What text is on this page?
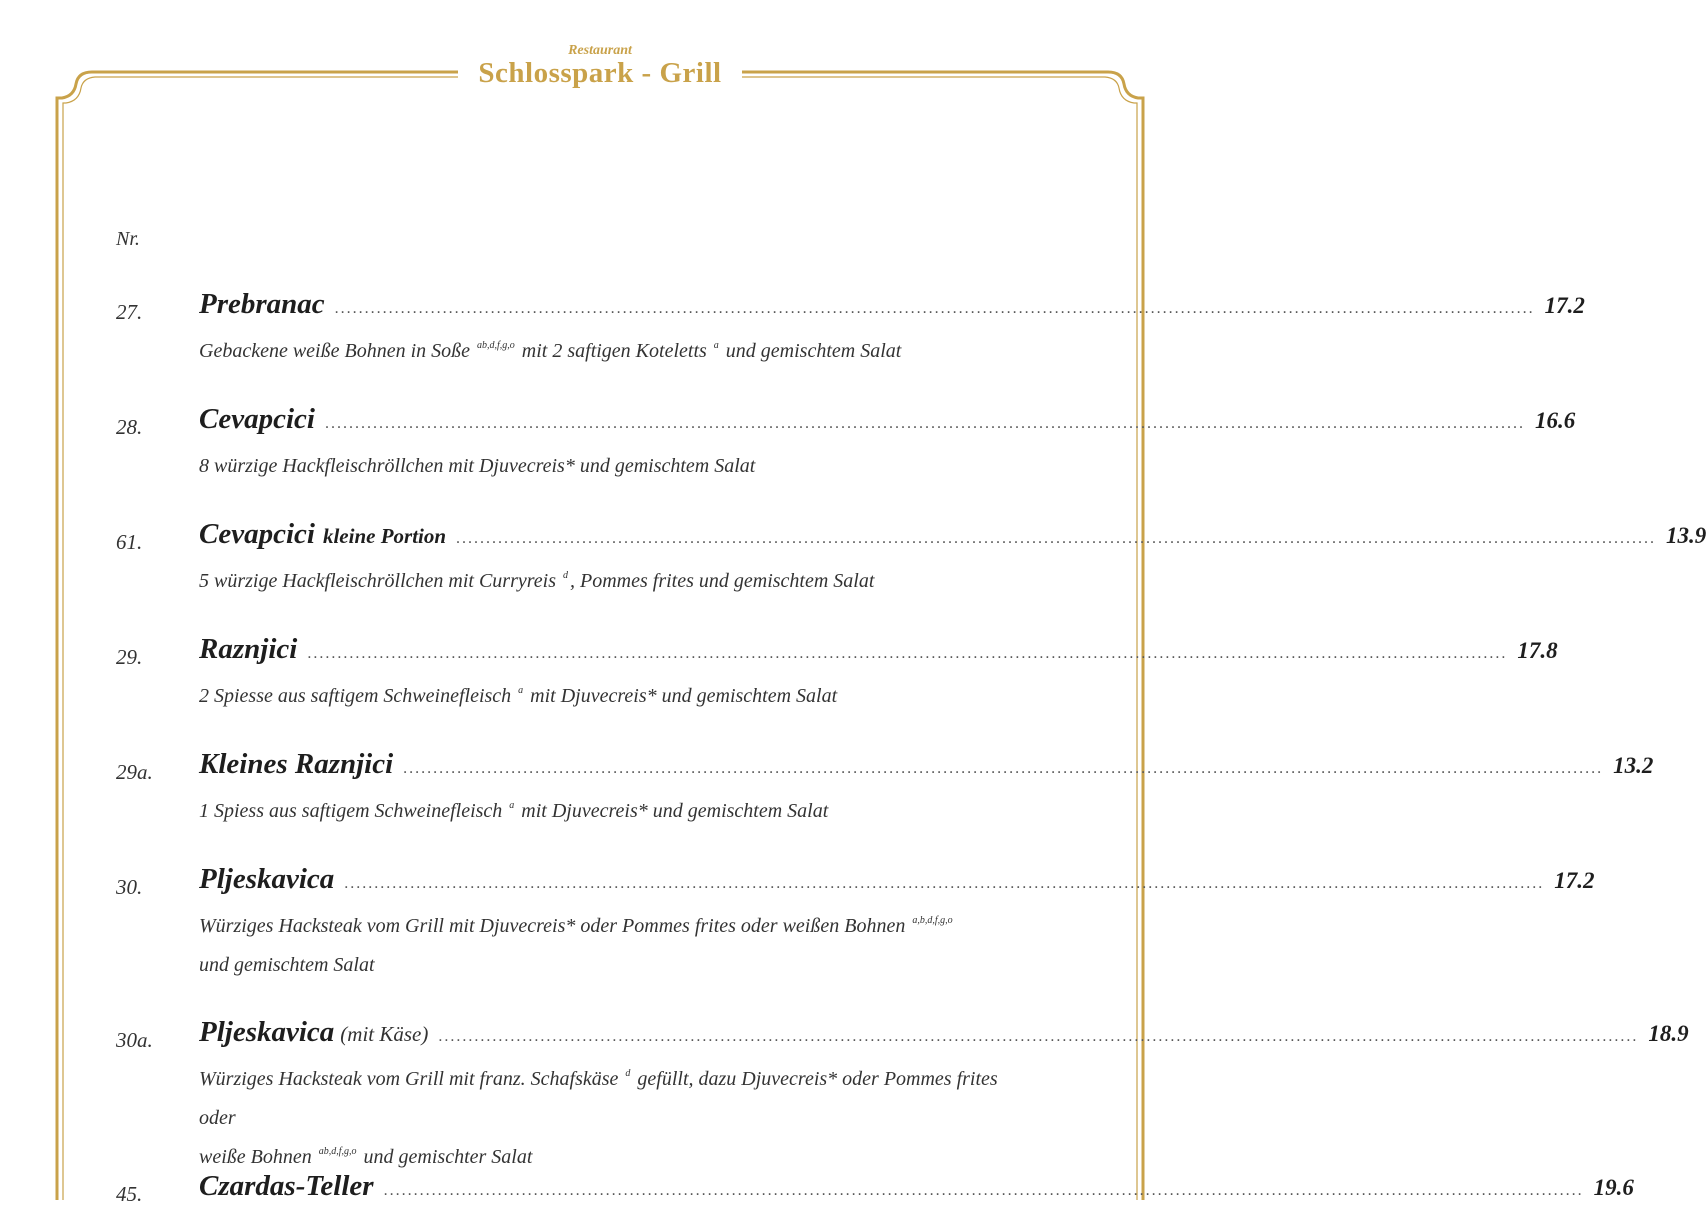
Restaurant
Schlosspark - Grill
Nr.
27. Prebranac ........................................................................................................................................................................................................ 17.2
Gebackene weiße Bohnen in Soße $^{ab,d,f,g,o}$ mit 2 saftigen Koteletts $^a$ und gemischtem Salat
28. Cevapcici ........................................................................................................................................................................................................ 16.6
8 würzige Hackfleischröllchen mit Djuvecreis* und gemischtem Salat
61. Cevapcici kleine Portion ........................................................................................................................................................................................................ 13.9
5 würzige Hackfleischröllchen mit Curryreis $^d$ , Pommes frites und gemischtem Salat
29. Raznjici ........................................................................................................................................................................................................ 17.8
2 Spiesse aus saftigem Schweinefleisch $^a$ mit Djuvecreis* und gemischtem Salat
29a. Kleines Raznjici ........................................................................................................................................................................................................ 13.2
1 Spiess aus saftigem Schweinefleisch $^a$ mit Djuvecreis* und gemischtem Salat
30. Pljeskavica ........................................................................................................................................................................................................ 17.2
Würziges Hacksteak vom Grill mit Djuvecreis* oder Pommes frites oder weißen Bohnen $^{a,b,d,f,g,o}$
und gemischtem Salat
30a. Pljeskavica (mit Käse) ........................................................................................................................................................................................................ 18.9
Würziges Hacksteak vom Grill mit franz. Schafskäse $^d$ gefüllt, dazu Djuvecreis* oder Pommes frites oder
weiße Bohnen $^{ab,d,f,g,o}$ und gemischter Salat
45. Czardas-Teller ........................................................................................................................................................................................................ 19.6
